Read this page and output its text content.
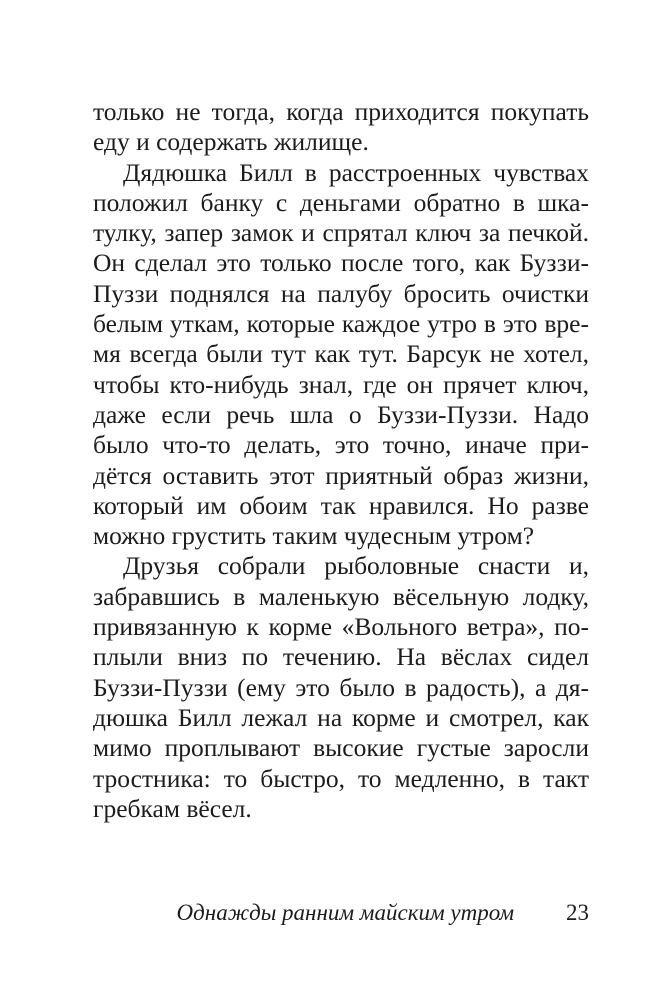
только не тогда, когда приходится покупать
еду и содержать жилище.
Дядюшка Билл в расстроенных чувствах
положил банку с деньгами обратно в шка-
тулку, запер замок и спрятал ключ за печкой.
Он сделал это только после того, как Буззи-
Пуззи поднялся на палубу бросить очистки
белым уткам, которые каждое утро в это вре-
мя всегда были тут как тут. Барсук не хотел,
чтобы кто-нибудь знал, где он прячет ключ,
даже если речь шла о Буззи-Пуззи. Надо
было что-то делать, это точно, иначе при-
дётся оставить этот приятный образ жизни,
который им обоим так нравился. Но разве
можно грустить таким чудесным утром?
Друзья собрали рыболовные снасти и,
забравшись в маленькую вёсельную лодку,
привязанную к корме «Вольного ветра», по-
плыли вниз по течению. На вёслах сидел
Буззи-Пуззи (ему это было в радость), а дя-
дюшка Билл лежал на корме и смотрел, как
мимо проплывают высокие густые заросли
тростника: то быстро, то медленно, в такт
гребкам вёсел.
Однажды ранним майским утром 23
